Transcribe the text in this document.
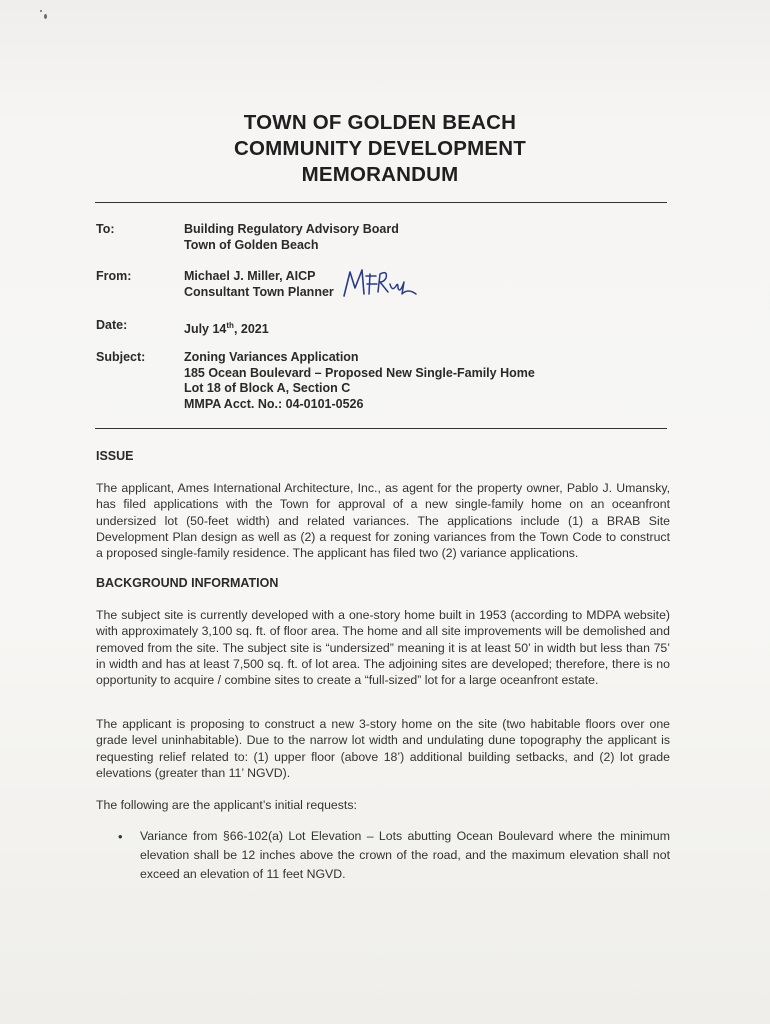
TOWN OF GOLDEN BEACH
COMMUNITY DEVELOPMENT
MEMORANDUM
To:	Building Regulatory Advisory Board
Town of Golden Beach
From:	Michael J. Miller, AICP
Consultant Town Planner
Date:	July 14th, 2021
Subject:	Zoning Variances Application
185 Ocean Boulevard – Proposed New Single-Family Home
Lot 18 of Block A, Section C
MMPA Acct. No.: 04-0101-0526
ISSUE
The applicant, Ames International Architecture, Inc., as agent for the property owner, Pablo J. Umansky, has filed applications with the Town for approval of a new single-family home on an oceanfront undersized lot (50-feet width) and related variances. The applications include (1) a BRAB Site Development Plan design as well as (2) a request for zoning variances from the Town Code to construct a proposed single-family residence. The applicant has filed two (2) variance applications.
BACKGROUND INFORMATION
The subject site is currently developed with a one-story home built in 1953 (according to MDPA website) with approximately 3,100 sq. ft. of floor area. The home and all site improvements will be demolished and removed from the site. The subject site is “undersized” meaning it is at least 50’ in width but less than 75’ in width and has at least 7,500 sq. ft. of lot area. The adjoining sites are developed; therefore, there is no opportunity to acquire / combine sites to create a “full-sized” lot for a large oceanfront estate.
The applicant is proposing to construct a new 3-story home on the site (two habitable floors over one grade level uninhabitable). Due to the narrow lot width and undulating dune topography the applicant is requesting relief related to: (1) upper floor (above 18’) additional building setbacks, and (2) lot grade elevations (greater than 11’ NGVD).
The following are the applicant’s initial requests:
• Variance from §66-102(a) Lot Elevation – Lots abutting Ocean Boulevard where the minimum elevation shall be 12 inches above the crown of the road, and the maximum elevation shall not exceed an elevation of 11 feet NGVD.
